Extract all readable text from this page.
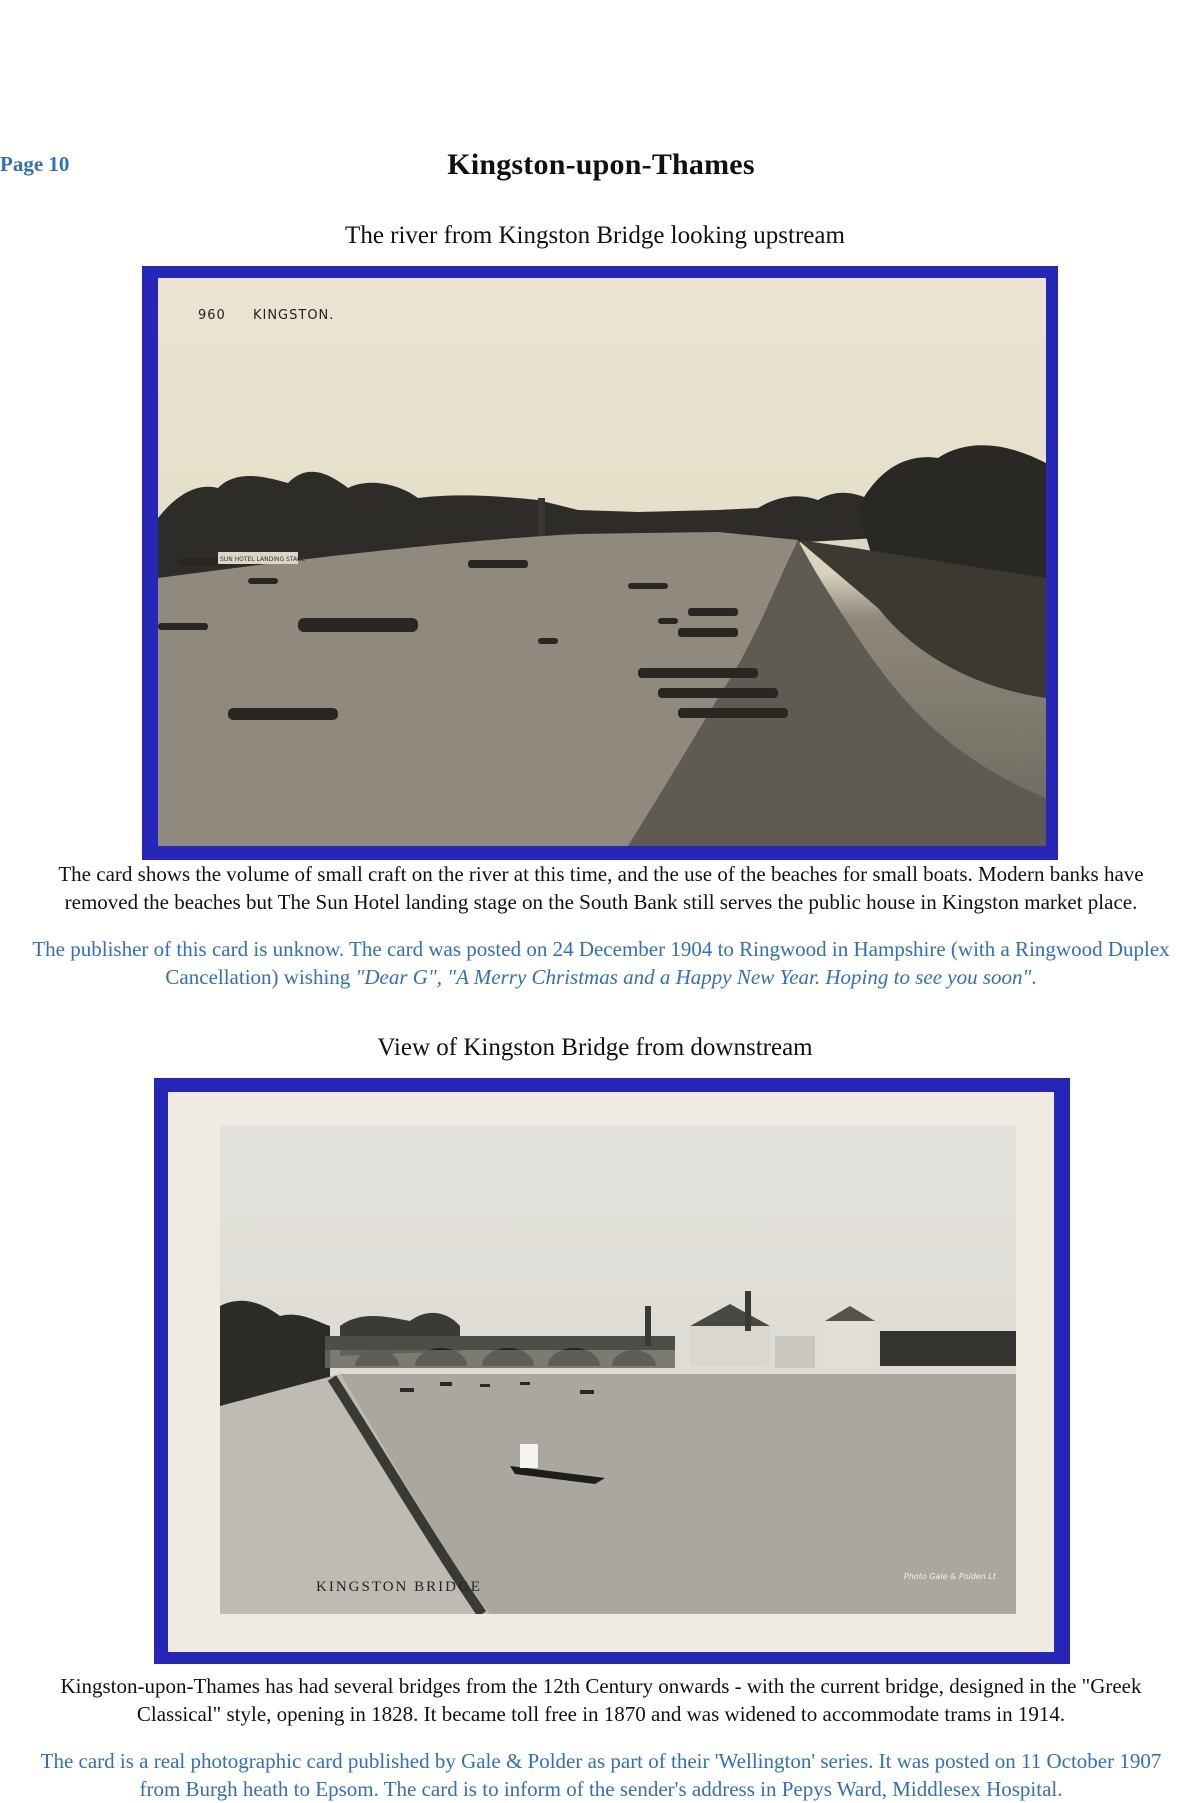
Page 10	Kingston-upon-Thames
The river from Kingston Bridge looking upstream
SUN HOTEL LANDING STAGE
960 KINGSTON.
The card shows the volume of small craft on the river at this time, and the use of the beaches for small boats. Modern banks have removed the beaches but The Sun Hotel landing stage on the South Bank still serves the public house in Kingston market place.
The publisher of this card is unknow. The card was posted on 24 December 1904 to Ringwood in Hampshire (with a Ringwood Duplex Cancellation) wishing "Dear G", "A Merry Christmas and a Happy New Year. Hoping to see you soon".
View of Kingston Bridge from downstream
KINGSTON BRIDGE
Photo Gale & Polden Lt
Kingston-upon-Thames has had several bridges from the 12th Century onwards - with the current bridge, designed in the "Greek Classical" style, opening in 1828. It became toll free in 1870 and was widened to accommodate trams in 1914.
The card is a real photographic card published by Gale & Polder as part of their 'Wellington' series. It was posted on 11 October 1907 from Burgh heath to Epsom. The card is to inform of the sender's address in Pepys Ward, Middlesex Hospital.
